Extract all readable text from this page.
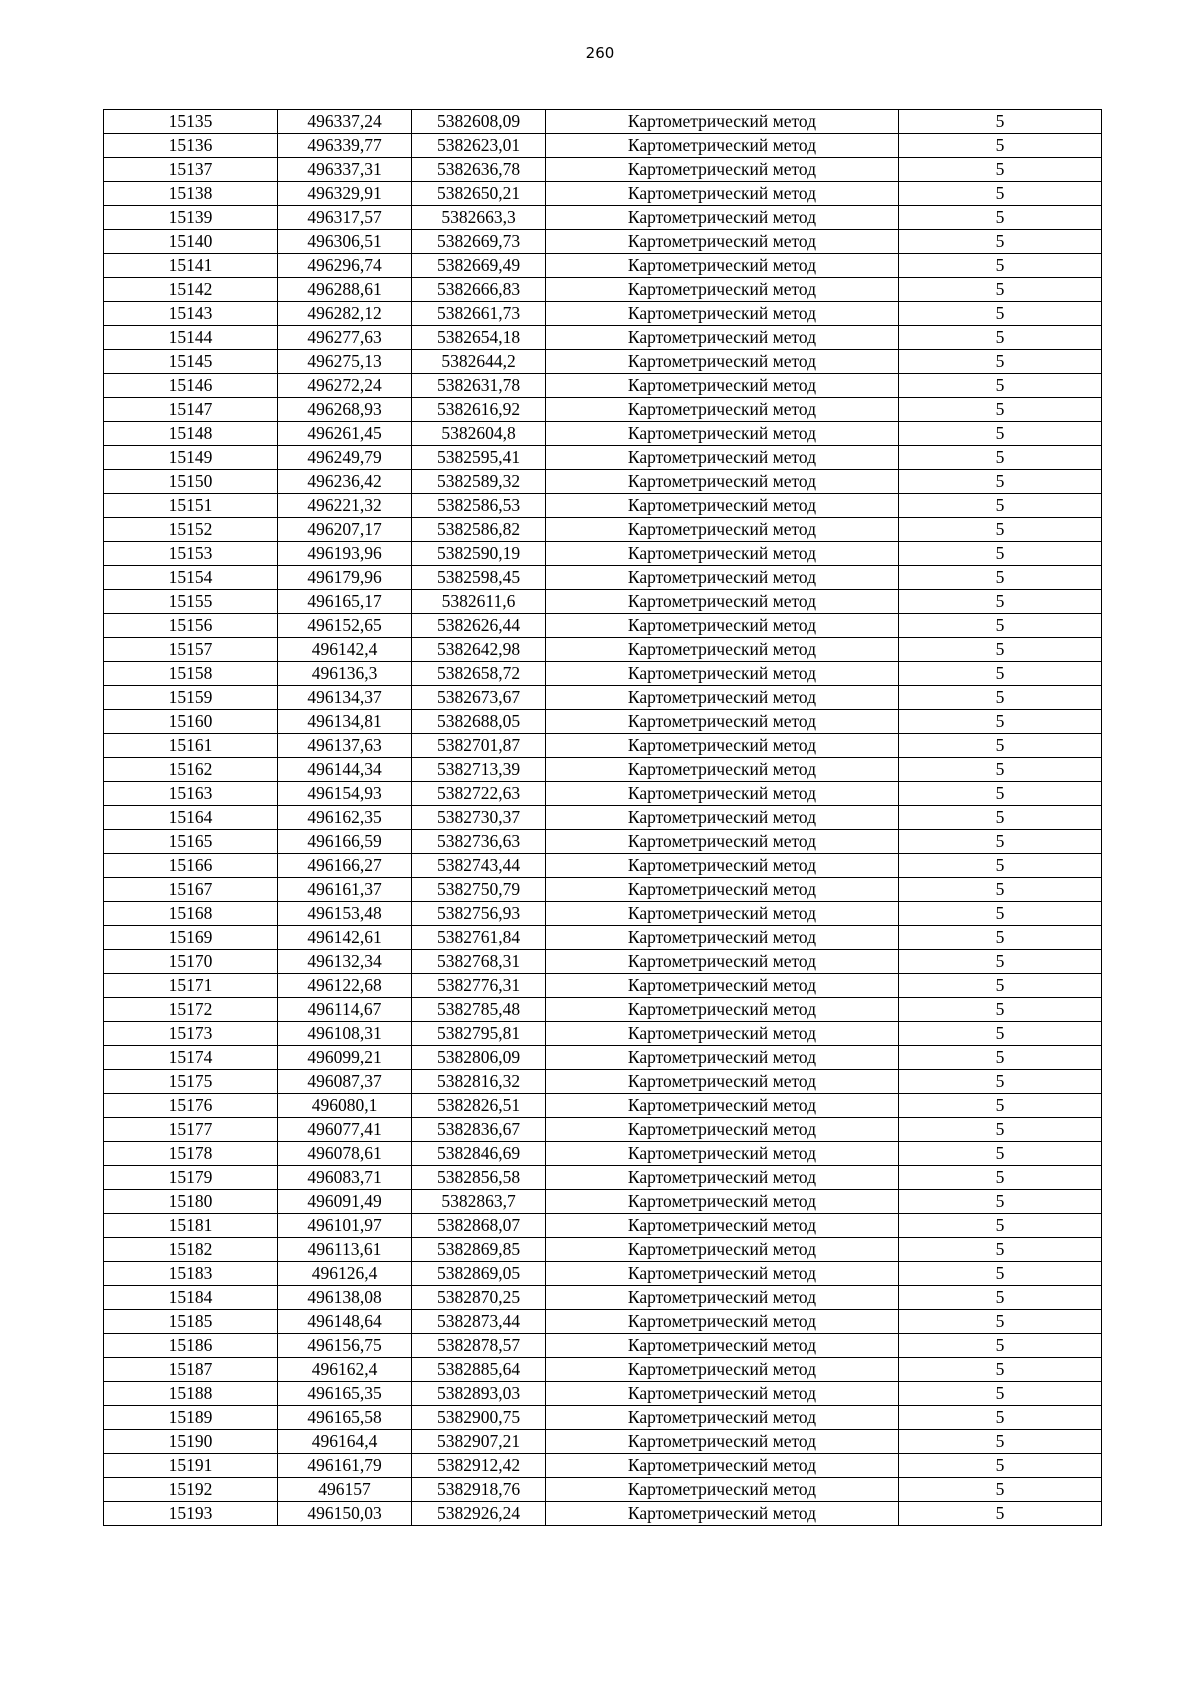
260
15135	496337,24	5382608,09	Картометрический метод	5
15136	496339,77	5382623,01	Картометрический метод	5
15137	496337,31	5382636,78	Картометрический метод	5
15138	496329,91	5382650,21	Картометрический метод	5
15139	496317,57	5382663,3	Картометрический метод	5
15140	496306,51	5382669,73	Картометрический метод	5
15141	496296,74	5382669,49	Картометрический метод	5
15142	496288,61	5382666,83	Картометрический метод	5
15143	496282,12	5382661,73	Картометрический метод	5
15144	496277,63	5382654,18	Картометрический метод	5
15145	496275,13	5382644,2	Картометрический метод	5
15146	496272,24	5382631,78	Картометрический метод	5
15147	496268,93	5382616,92	Картометрический метод	5
15148	496261,45	5382604,8	Картометрический метод	5
15149	496249,79	5382595,41	Картометрический метод	5
15150	496236,42	5382589,32	Картометрический метод	5
15151	496221,32	5382586,53	Картометрический метод	5
15152	496207,17	5382586,82	Картометрический метод	5
15153	496193,96	5382590,19	Картометрический метод	5
15154	496179,96	5382598,45	Картометрический метод	5
15155	496165,17	5382611,6	Картометрический метод	5
15156	496152,65	5382626,44	Картометрический метод	5
15157	496142,4	5382642,98	Картометрический метод	5
15158	496136,3	5382658,72	Картометрический метод	5
15159	496134,37	5382673,67	Картометрический метод	5
15160	496134,81	5382688,05	Картометрический метод	5
15161	496137,63	5382701,87	Картометрический метод	5
15162	496144,34	5382713,39	Картометрический метод	5
15163	496154,93	5382722,63	Картометрический метод	5
15164	496162,35	5382730,37	Картометрический метод	5
15165	496166,59	5382736,63	Картометрический метод	5
15166	496166,27	5382743,44	Картометрический метод	5
15167	496161,37	5382750,79	Картометрический метод	5
15168	496153,48	5382756,93	Картометрический метод	5
15169	496142,61	5382761,84	Картометрический метод	5
15170	496132,34	5382768,31	Картометрический метод	5
15171	496122,68	5382776,31	Картометрический метод	5
15172	496114,67	5382785,48	Картометрический метод	5
15173	496108,31	5382795,81	Картометрический метод	5
15174	496099,21	5382806,09	Картометрический метод	5
15175	496087,37	5382816,32	Картометрический метод	5
15176	496080,1	5382826,51	Картометрический метод	5
15177	496077,41	5382836,67	Картометрический метод	5
15178	496078,61	5382846,69	Картометрический метод	5
15179	496083,71	5382856,58	Картометрический метод	5
15180	496091,49	5382863,7	Картометрический метод	5
15181	496101,97	5382868,07	Картометрический метод	5
15182	496113,61	5382869,85	Картометрический метод	5
15183	496126,4	5382869,05	Картометрический метод	5
15184	496138,08	5382870,25	Картометрический метод	5
15185	496148,64	5382873,44	Картометрический метод	5
15186	496156,75	5382878,57	Картометрический метод	5
15187	496162,4	5382885,64	Картометрический метод	5
15188	496165,35	5382893,03	Картометрический метод	5
15189	496165,58	5382900,75	Картометрический метод	5
15190	496164,4	5382907,21	Картометрический метод	5
15191	496161,79	5382912,42	Картометрический метод	5
15192	496157	5382918,76	Картометрический метод	5
15193	496150,03	5382926,24	Картометрический метод	5
